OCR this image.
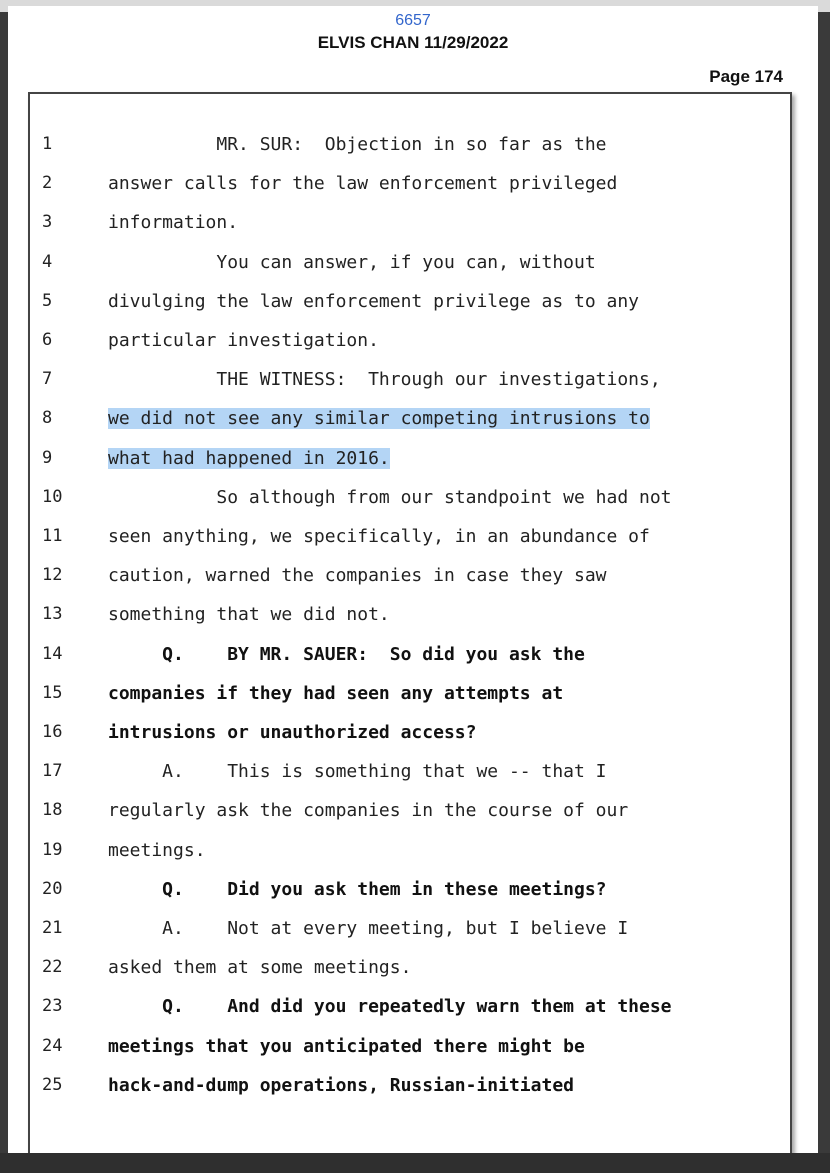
6657
ELVIS CHAN 11/29/2022
Page 174
1	MR. SUR:  Objection in so far as the
2	answer calls for the law enforcement privileged
3	information.
4	You can answer, if you can, without
5	divulging the law enforcement privilege as to any
6	particular investigation.
7	THE WITNESS:  Through our investigations,
8	we did not see any similar competing intrusions to
9	what had happened in 2016.
10	So although from our standpoint we had not
11	seen anything, we specifically, in an abundance of
12	caution, warned the companies in case they saw
13	something that we did not.
14	Q.    BY MR. SAUER:  So did you ask the
15	companies if they had seen any attempts at
16	intrusions or unauthorized access?
17	A.    This is something that we -- that I
18	regularly ask the companies in the course of our
19	meetings.
20	Q.    Did you ask them in these meetings?
21	A.    Not at every meeting, but I believe I
22	asked them at some meetings.
23	Q.    And did you repeatedly warn them at these
24	meetings that you anticipated there might be
25	hack-and-dump operations, Russian-initiated
